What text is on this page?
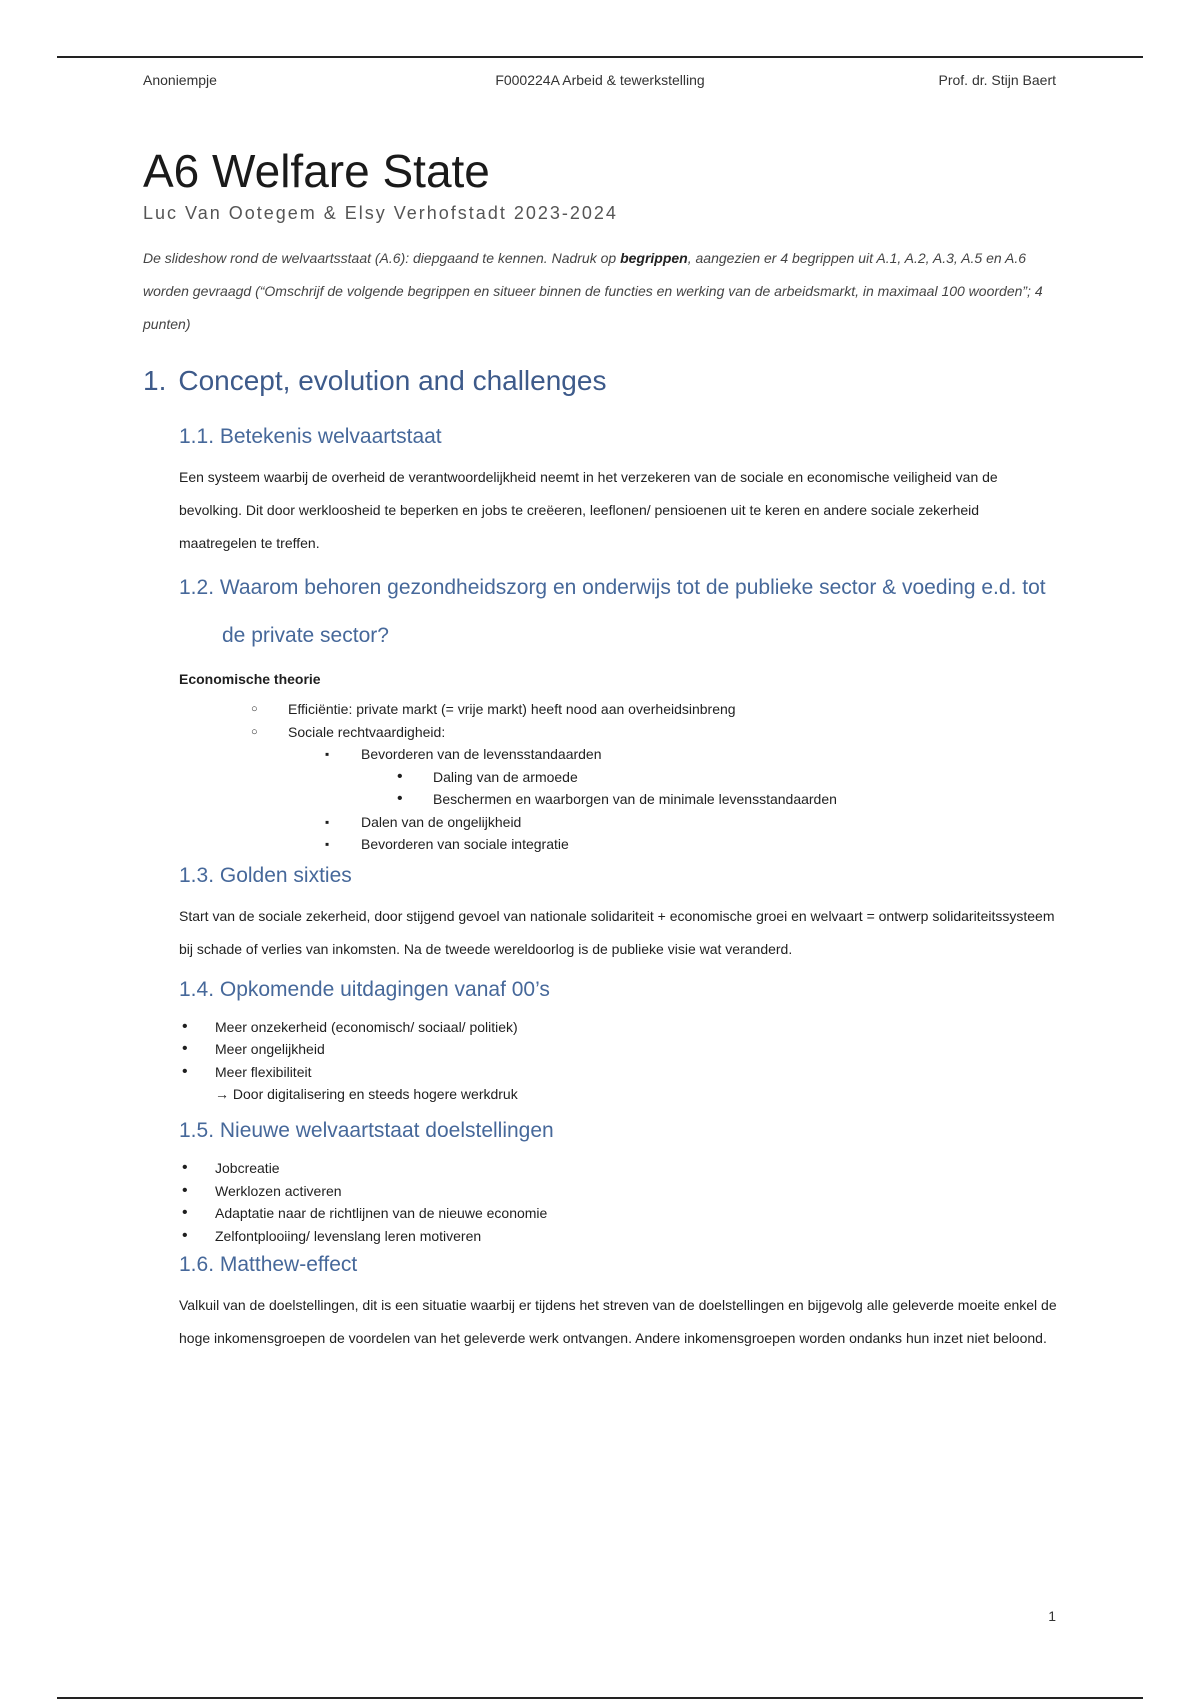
Anoniempje	F000224A Arbeid & tewerkstelling	Prof. dr. Stijn Baert
A6 Welfare State
Luc Van Ootegem & Elsy Verhofstadt 2023-2024
De slideshow rond de welvaartsstaat (A.6): diepgaand te kennen. Nadruk op begrippen, aangezien er 4 begrippen uit A.1, A.2, A.3, A.5 en A.6 worden gevraagd (“Omschrijf de volgende begrippen en situeer binnen de functies en werking van de arbeidsmarkt, in maximaal 100 woorden”; 4 punten)
1. Concept, evolution and challenges
1.1. Betekenis welvaartstaat
Een systeem waarbij de overheid de verantwoordelijkheid neemt in het verzekeren van de sociale en economische veiligheid van de bevolking. Dit door werkloosheid te beperken en jobs te creëeren, leeflonen/ pensioenen uit te keren en andere sociale zekerheid maatregelen te treffen.
1.2. Waarom behoren gezondheidszorg en onderwijs tot de publieke sector & voeding e.d. tot de private sector?
Economische theorie
○ Efficiëntie: private markt (= vrije markt) heeft nood aan overheidsinbreng
○ Sociale rechtvaardigheid:
▪ Bevorderen van de levensstandaarden
• Daling van de armoede
• Beschermen en waarborgen van de minimale levensstandaarden
▪ Dalen van de ongelijkheid
▪ Bevorderen van sociale integratie
1.3. Golden sixties
Start van de sociale zekerheid, door stijgend gevoel van nationale solidariteit + economische groei en welvaart = ontwerp solidariteitssysteem bij schade of verlies van inkomsten. Na de tweede wereldoorlog is de publieke visie wat veranderd.
1.4. Opkomende uitdagingen vanaf 00’s
• Meer onzekerheid (economisch/ sociaal/ politiek)
• Meer ongelijkheid
• Meer flexibiliteit
→ Door digitalisering en steeds hogere werkdruk
1.5. Nieuwe welvaartstaat doelstellingen
• Jobcreatie
• Werklozen activeren
• Adaptatie naar de richtlijnen van de nieuwe economie
• Zelfontplooiing/ levenslang leren motiveren
1.6. Matthew-effect
Valkuil van de doelstellingen, dit is een situatie waarbij er tijdens het streven van de doelstellingen en bijgevolg alle geleverde moeite enkel de hoge inkomensgroepen de voordelen van het geleverde werk ontvangen. Andere inkomensgroepen worden ondanks hun inzet niet beloond.
1
